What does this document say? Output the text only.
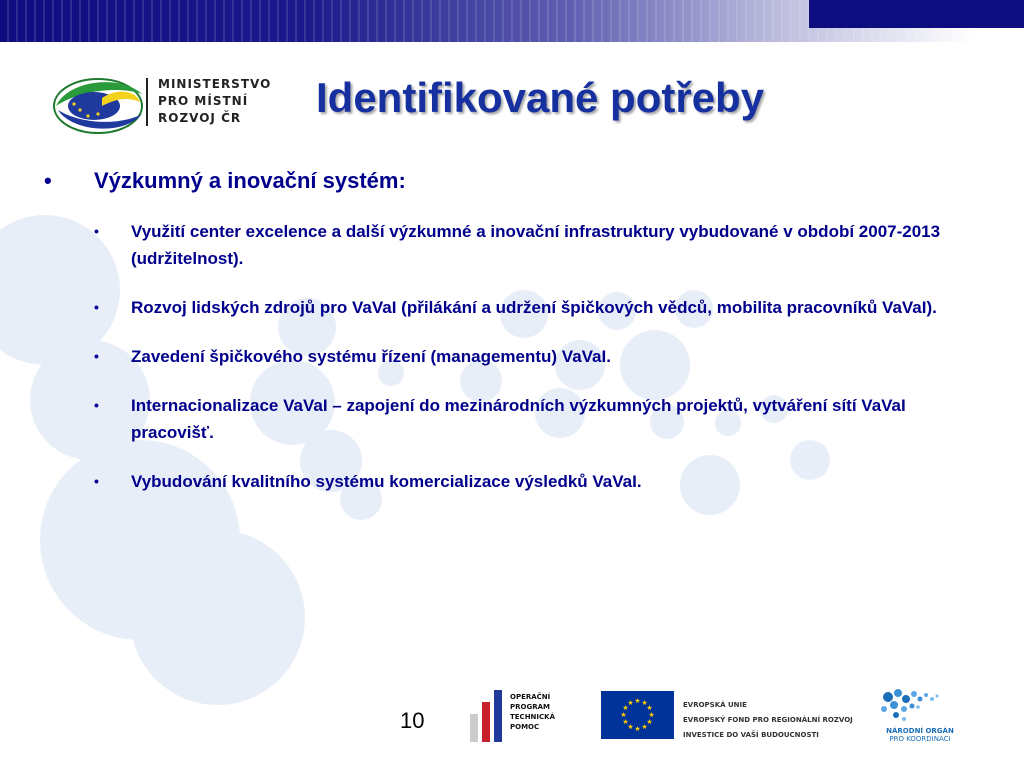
MINISTERSTVO
PRO MÍSTNÍ
ROZVOJ ČR	Identifikované potřeby
•	Výzkumný a inovační systém:
•	Využití center excelence a další výzkumné a inovační infrastruktury vybudované v období 2007-2013 (udržitelnost).
•	Rozvoj lidských zdrojů pro VaVaI (přilákání a udržení špičkových vědců, mobilita pracovníků VaVaI).
•	Zavedení špičkového systému řízení (managementu) VaVaI.
•	Internacionalizace VaVaI – zapojení do mezinárodních výzkumných projektů, vytváření sítí VaVaI pracovišť.
•	Vybudování kvalitního systému komercializace výsledků VaVaI.
10
OPERAČNÍ
PROGRAM
TECHNICKÁ
POMOC
★ ★
★
★
★
★
★
★
★
★
★
★	EVROPSKÁ UNIE
EVROPSKÝ FOND PRO REGIONÁLNÍ ROZVOJ
INVESTICE DO VAŠÍ BUDOUCNOSTI	NÁRODNÍ ORGÁN
PRO KOORDINACI
